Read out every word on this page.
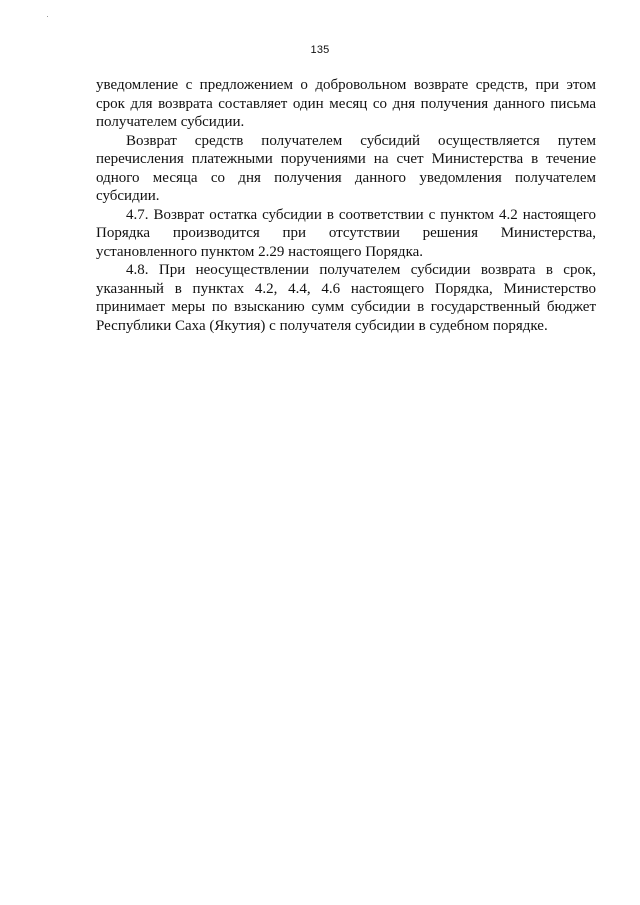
135
уведомление с предложением о добровольном возврате средств, при этом
срок для возврата составляет один месяц со дня получения данного письма
получателем субсидии.
Возврат средств получателем субсидий осуществляется путем
перечисления платежными поручениями на счет Министерства в течение
одного месяца со дня получения данного уведомления получателем
субсидии.
4.7. Возврат остатка субсидии в соответствии с пунктом 4.2 настоящего
Порядка производится при отсутствии решения Министерства,
установленного пунктом 2.29 настоящего Порядка.
4.8. При неосуществлении получателем субсидии возврата в срок,
указанный в пунктах 4.2, 4.4, 4.6 настоящего Порядка, Министерство
принимает меры по взысканию сумм субсидии в государственный бюджет
Республики Саха (Якутия) с получателя субсидии в судебном порядке.
